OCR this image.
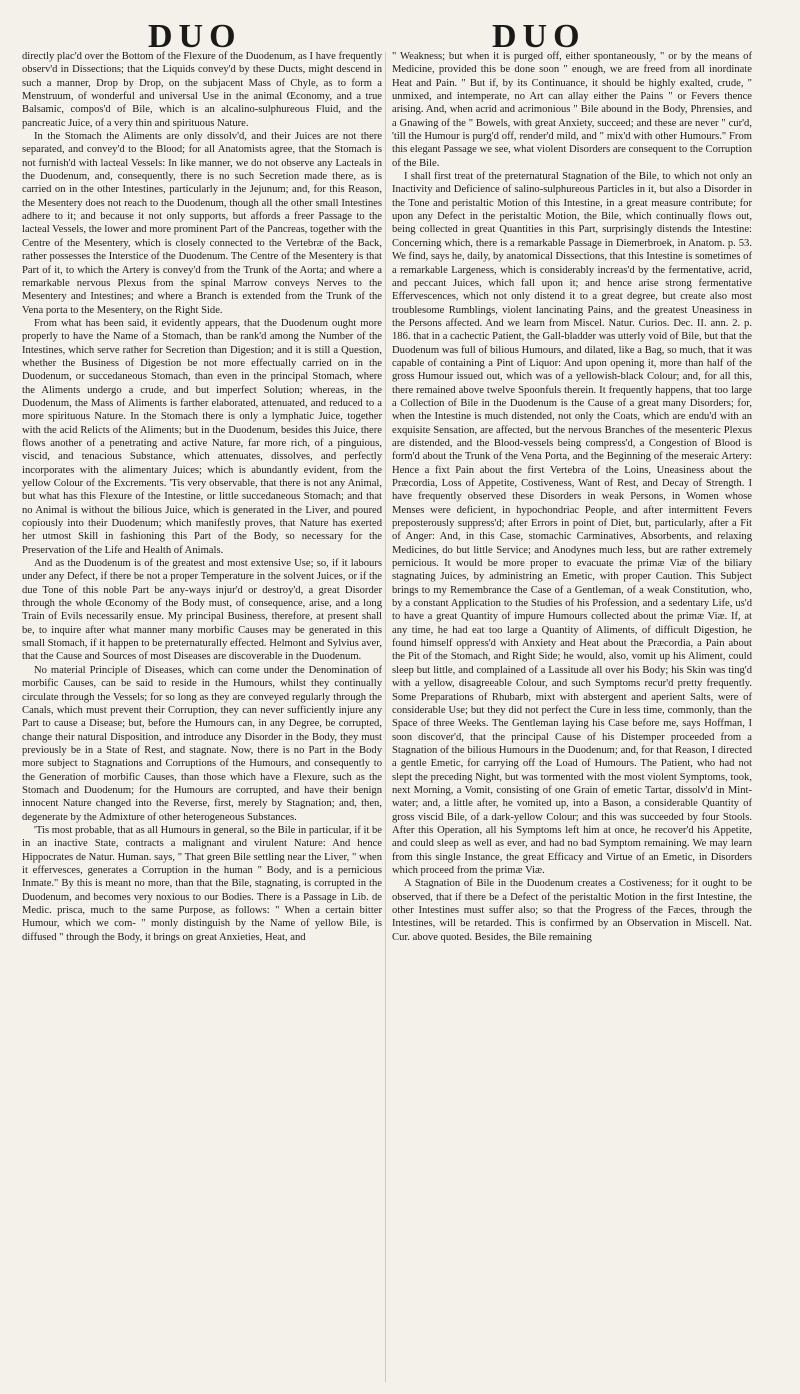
DUO	DUO

directly plac'd over the Bottom of the Flexure of the Duodenum, as I have frequently observ'd in Dissections; that the Liquids convey'd by these Ducts, might descend in such a manner, Drop by Drop, on the subjacent Mass of Chyle, as to form a Menstruum, of wonderful and universal Use in the animal Œconomy, and a true Balsamic, compos'd of Bile, which is an alcalino-sulphureous Fluid, and the pancreatic Juice, of a very thin and spirituous Nature.

In the Stomach the Aliments are only dissolv'd, and their Juices are not there separated, and convey'd to the Blood; for all Anatomists agree, that the Stomach is not furnish'd with lacteal Vessels: In like manner, we do not observe any Lacteals in the Duodenum, and, consequently, there is no such Secretion made there, as is carried on in the other Intestines, particularly in the Jejunum; and, for this Reason, the Mesentery does not reach to the Duodenum, though all the other small Intestines adhere to it; and because it not only supports, but affords a freer Passage to the lacteal Vessels, the lower and more prominent Part of the Pancreas, together with the Centre of the Mesentery, which is closely connected to the Vertebræ of the Back, rather possesses the Interstice of the Duodenum. The Centre of the Mesentery is that Part of it, to which the Artery is convey'd from the Trunk of the Aorta; and where a remarkable nervous Plexus from the spinal Marrow conveys Nerves to the Mesentery and Intestines; and where a Branch is extended from the Trunk of the Vena porta to the Mesentery, on the Right Side.

From what has been said, it evidently appears, that the Duodenum ought more properly to have the Name of a Stomach, than be rank'd among the Number of the Intestines, which serve rather for Secretion than Digestion; and it is still a Question, whether the Business of Digestion be not more effectually carried on in the Duodenum, or succedaneous Stomach, than even in the principal Stomach, where the Aliments undergo a crude, and but imperfect Solution; whereas, in the Duodenum, the Mass of Aliments is farther elaborated, attenuated, and reduced to a more spirituous Nature. In the Stomach there is only a lymphatic Juice, together with the acid Relicts of the Aliments; but in the Duodenum, besides this Juice, there flows another of a penetrating and active Nature, far more rich, of a pinguious, viscid, and tenacious Substance, which attenuates, dissolves, and perfectly incorporates with the alimentary Juices; which is abundantly evident, from the yellow Colour of the Excrements. 'Tis very observable, that there is not any Animal, but what has this Flexure of the Intestine, or little succedaneous Stomach; and that no Animal is without the bilious Juice, which is generated in the Liver, and poured copiously into their Duodenum; which manifestly proves, that Nature has exerted her utmost Skill in fashioning this Part of the Body, so necessary for the Preservation of the Life and Health of Animals.

And as the Duodenum is of the greatest and most extensive Use; so, if it labours under any Defect, if there be not a proper Temperature in the solvent Juices, or if the due Tone of this noble Part be any-ways injur'd or destroy'd, a great Disorder through the whole Œconomy of the Body must, of consequence, arise, and a long Train of Evils necessarily ensue. My principal Business, therefore, at present shall be, to inquire after what manner many morbific Causes may be generated in this small Stomach, if it happen to be preternaturally effected. Helmont and Sylvius aver, that the Cause and Sources of most Diseases are discoverable in the Duodenum.

No material Principle of Diseases, which can come under the Denomination of morbific Causes, can be said to reside in the Humours, whilst they continually circulate through the Vessels; for so long as they are conveyed regularly through the Canals, which must prevent their Corruption, they can never sufficiently injure any Part to cause a Disease; but, before the Humours can, in any Degree, be corrupted, change their natural Disposition, and introduce any Disorder in the Body, they must previously be in a State of Rest, and stagnate. Now, there is no Part in the Body more subject to Stagnations and Corruptions of the Humours, and consequently to the Generation of morbific Causes, than those which have a Flexure, such as the Stomach and Duodenum; for the Humours are corrupted, and have their benign innocent Nature changed into the Reverse, first, merely by Stagnation; and, then, degenerate by the Admixture of other heterogeneous Substances.

'Tis most probable, that as all Humours in general, so the Bile in particular, if it be in an inactive State, contracts a malignant and virulent Nature: And hence Hippocrates de Natur. Human. says, " That green Bile settling near the Liver, " when it effervesces, generates a Corruption in the human " Body, and is a pernicious Inmate." By this is meant no more, than that the Bile, stagnating, is corrupted in the Duodenum, and becomes very noxious to our Bodies. There is a Passage in Lib. de Medic. prisca, much to the same Purpose, as follows: " When a certain bitter Humour, which we com- " monly distinguish by the Name of yellow Bile, is diffused " through the Body, it brings on great Anxieties, Heat, and

" Weakness; but when it is purged off, either spontaneously, " or by the means of Medicine, provided this be done soon " enough, we are freed from all inordinate Heat and Pain. " But if, by its Continuance, it should be highly exalted, crude, " unmixed, and intemperate, no Art can allay either the Pains " or Fevers thence arising. And, when acrid and acrimonious " Bile abound in the Body, Phrensies, and a Gnawing of the " Bowels, with great Anxiety, succeed; and these are never " cur'd, 'till the Humour is purg'd off, render'd mild, and " mix'd with other Humours." From this elegant Passage we see, what violent Disorders are consequent to the Corruption of the Bile.

I shall first treat of the preternatural Stagnation of the Bile, to which not only an Inactivity and Deficience of salino-sulphureous Particles in it, but also a Disorder in the Tone and peristaltic Motion of this Intestine, in a great measure contribute; for upon any Defect in the peristaltic Motion, the Bile, which continually flows out, being collected in great Quantities in this Part, surprisingly distends the Intestine: Concerning which, there is a remarkable Passage in Diemerbroek, in Anatom. p. 53. We find, says he, daily, by anatomical Dissections, that this Intestine is sometimes of a remarkable Largeness, which is considerably increas'd by the fermentative, acrid, and peccant Juices, which fall upon it; and hence arise strong fermentative Effervescences, which not only distend it to a great degree, but create also most troublesome Rumblings, violent lancinating Pains, and the greatest Uneasiness in the Persons affected. And we learn from Miscel. Natur. Curios. Dec. II. ann. 2. p. 186. that in a cachectic Patient, the Gall-bladder was utterly void of Bile, but that the Duodenum was full of bilious Humours, and dilated, like a Bag, so much, that it was capable of containing a Pint of Liquor: And upon opening it, more than half of the gross Humour issued out, which was of a yellowish-black Colour; and, for all this, there remained above twelve Spoonfuls therein. It frequently happens, that too large a Collection of Bile in the Duodenum is the Cause of a great many Disorders; for, when the Intestine is much distended, not only the Coats, which are endu'd with an exquisite Sensation, are affected, but the nervous Branches of the mesenteric Plexus are distended, and the Blood-vessels being compress'd, a Congestion of Blood is form'd about the Trunk of the Vena Porta, and the Beginning of the meseraic Artery: Hence a fixt Pain about the first Vertebra of the Loins, Uneasiness about the Præcordia, Loss of Appetite, Costiveness, Want of Rest, and Decay of Strength. I have frequently observed these Disorders in weak Persons, in Women whose Menses were deficient, in hypochondriac People, and after intermittent Fevers preposterously suppress'd; after Errors in point of Diet, but, particularly, after a Fit of Anger: And, in this Case, stomachic Carminatives, Absorbents, and relaxing Medicines, do but little Service; and Anodynes much less, but are rather extremely pernicious. It would be more proper to evacuate the primæ Viæ of the biliary stagnating Juices, by administring an Emetic, with proper Caution. This Subject brings to my Remembrance the Case of a Gentleman, of a weak Constitution, who, by a constant Application to the Studies of his Profession, and a sedentary Life, us'd to have a great Quantity of impure Humours collected about the primæ Viæ. If, at any time, he had eat too large a Quantity of Aliments, of difficult Digestion, he found himself oppress'd with Anxiety and Heat about the Præcordia, a Pain about the Pit of the Stomach, and Right Side; he would, also, vomit up his Aliment, could sleep but little, and complained of a Lassitude all over his Body; his Skin was ting'd with a yellow, disagreeable Colour, and such Symptoms recur'd pretty frequently. Some Preparations of Rhubarb, mixt with abstergent and aperient Salts, were of considerable Use; but they did not perfect the Cure in less time, commonly, than the Space of three Weeks. The Gentleman laying his Case before me, says Hoffman, I soon discover'd, that the principal Cause of his Distemper proceeded from a Stagnation of the bilious Humours in the Duodenum; and, for that Reason, I directed a gentle Emetic, for carrying off the Load of Humours. The Patient, who had not slept the preceding Night, but was tormented with the most violent Symptoms, took, next Morning, a Vomit, consisting of one Grain of emetic Tartar, dissolv'd in Mint-water; and, a little after, he vomited up, into a Bason, a considerable Quantity of gross viscid Bile, of a dark-yellow Colour; and this was succeeded by four Stools. After this Operation, all his Symptoms left him at once, he recover'd his Appetite, and could sleep as well as ever, and had no bad Symptom remaining. We may learn from this single Instance, the great Efficacy and Virtue of an Emetic, in Disorders which proceed from the primæ Viæ.

A Stagnation of Bile in the Duodenum creates a Costiveness; for it ought to be observed, that if there be a Defect of the peristaltic Motion in the first Intestine, the other Intestines must suffer also; so that the Progress of the Fæces, through the Intestines, will be retarded. This is confirmed by an Observation in Miscell. Nat. Cur. above quoted. Besides, the Bile remaining
